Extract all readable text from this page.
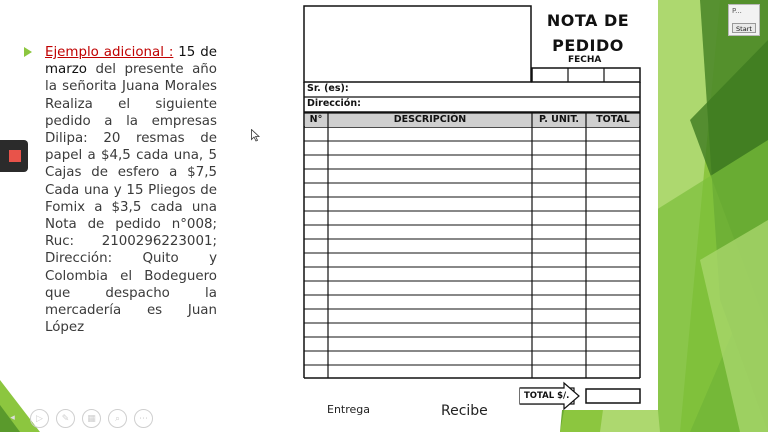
Ejemplo adicional : 15 de marzo del presente año la señorita Juana Morales Realiza el siguiente pedido a la empresas Dilipa: 20 resmas de papel a $4,5 cada una, 5 Cajas de esfero a $7,5 Cada una y 15 Pliegos de Fomix a $3,5 cada una Nota de pedido n°008; Ruc: 2100296223001; Dirección: Quito y Colombia el Bodeguero que despacho la mercadería es Juan López
NOTA DE
PEDIDO
FECHA
Sr. (es):
Dirección:
N°	DESCRIPCIÓN	P. UNIT.	TOTAL
TOTAL $/.
Entrega	Recibe
◂	▷	✎	▦	⌕	⋯
P...
Start
